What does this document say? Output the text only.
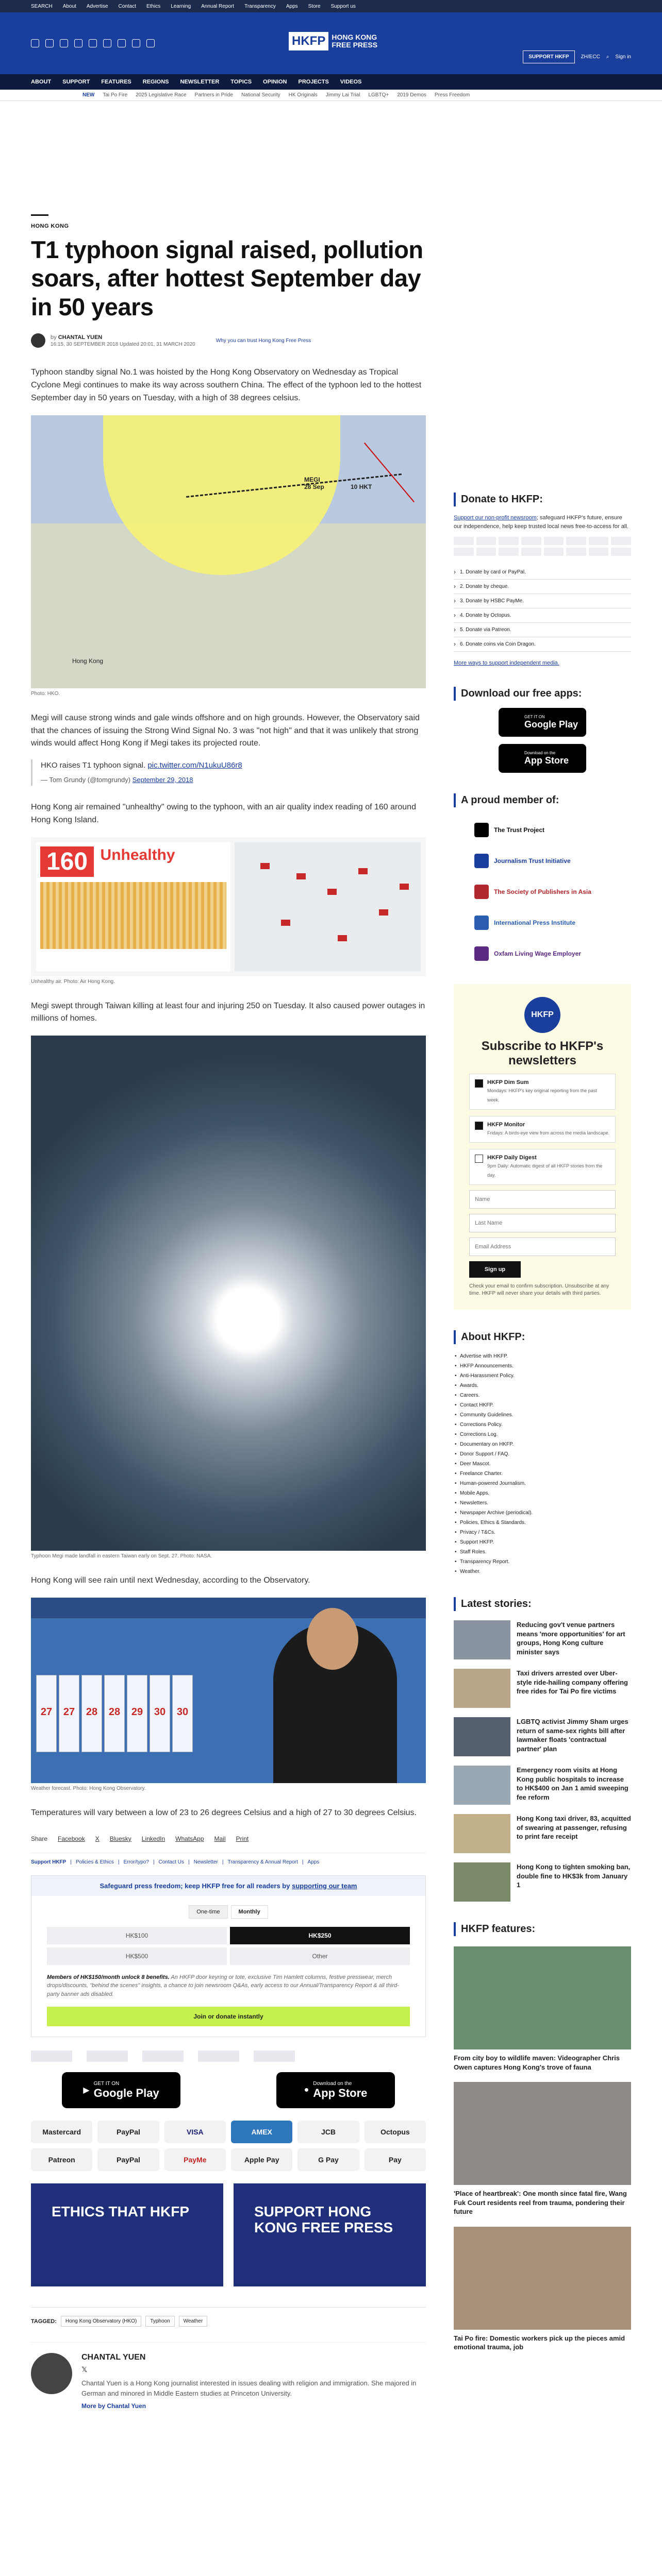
SEARCH About Advertise Contact Ethics Learning Annual Report Transparency Apps Store Support us
HKFP HONG KONG
FREE PRESS
SUPPORT HKFP	ZH/ECC ⌕ Sign in
ABOUT SUPPORT FEATURES REGIONS NEWSLETTER TOPICS OPINION PROJECTS VIDEOS
NEW Tai Po Fire 2025 Legislative Race Partners in Pride National Security HK Originals Jimmy Lai Trial LGBTQ+ 2019 Demos Press Freedom
HONG KONG
T1 typhoon signal raised, pollution soars, after hottest September day in 50 years
by CHANTAL YUEN
16:15, 30 SEPTEMBER 2018 Updated 20:01, 31 MARCH 2020
Why you can trust Hong Kong Free Press

Typhoon standby signal No.1 was hoisted by the Hong Kong Observatory on Wednesday as Tropical Cyclone Megi continues to make its way across southern China. The effect of the typhoon led to the hottest September day in 50 years on Tuesday, with a high of 38 degrees celsius.

MEGI
28 Sep	10 HKT
Hong Kong
Photo: HKO.

Megi will cause strong winds and gale winds offshore and on high grounds. However, the Observatory said that the chances of issuing the Strong Wind Signal No. 3 was "not high" and that it was unlikely that strong winds would affect Hong Kong if Megi takes its projected route.

HKO raises T1 typhoon signal. pic.twitter.com/N1ukuU86r8
— Tom Grundy (@tomgrundy) September 29, 2018

Hong Kong air remained "unhealthy" owing to the typhoon, with an air quality index reading of 160 around Hong Kong Island.

160 Unhealthy
Unhealthy air. Photo: Air Hong Kong.

Megi swept through Taiwan killing at least four and injuring 250 on Tuesday. It also caused power outages in millions of homes.

Typhoon Megi made landfall in eastern Taiwan early on Sept. 27. Photo: NASA.

Hong Kong will see rain until next Wednesday, according to the Observatory.

27	27	28	28	29	30	30
Weather forecast. Photo: Hong Kong Observatory.

Temperatures will vary between a low of 23 to 26 degrees Celsius and a high of 27 to 30 degrees Celsius.

Share Facebook X Bluesky LinkedIn WhatsApp Mail Print
Support HKFP | Policies & Ethics | Error/typo? | Contact Us | Newsletter | Transparency & Annual Report | Apps
Safeguard press freedom; keep HKFP free for all readers by supporting our team
One-time	Monthly
HK$100	HK$250
HK$500	Other
Members of HK$150/month unlock 8 benefits. An HKFP door keyring or tote, exclusive Tim Hamlett columns, festive presswear, merch drops/discounts, "behind the scenes" insights, a chance to join newsroom Q&As, early access to our Annual/Transparency Report & all third-party banner ads disabled.
Join or donate instantly
▶
GET IT ON
Google Play	●
Download on the
App Store
Mastercard	PayPal	VISA	AMEX	JCB	Octopus
Patreon	PayPal	PayMe	Apple Pay	G Pay	Pay
ETHICS THAT HKFP	SUPPORT HONG KONG FREE PRESS
TAGGED:	Hong Kong Observatory (HKO)	Typhoon	Weather
CHANTAL YUEN
𝕏

Chantal Yuen is a Hong Kong journalist interested in issues dealing with religion and immigration. She majored in German and minored in Middle Eastern studies at Princeton University.

More by Chantal Yuen
Donate to HKFP:
Support our non-profit newsroom; safeguard HKFP's future, ensure our independence, help keep trusted local news free-to-access for all.
› 1. Donate by card or PayPal.
› 2. Donate by cheque.
› 3. Donate by HSBC PayMe.
› 4. Donate by Octopus.
› 5. Donate via Patreon.
› 6. Donate coins via Coin Dragon.
More ways to support independent media.
Download our free apps:
GET IT ON
Google Play
Download on the
App Store
A proud member of:
The Trust Project
Journalism Trust Initiative
The Society of Publishers in Asia
International Press Institute
Oxfam Living Wage Employer
HKFP
Subscribe to HKFP's newsletters
HKFP Dim Sum
Mondays: HKFP's key original reporting from the past week.
HKFP Monitor
Fridays: A birds-eye view from across the media landscape.
HKFP Daily Digest
9pm Daily: Automatic digest of all HKFP stories from the day.
Name Last Name Email Address
Sign up
Check your email to confirm subscription. Unsubscribe at any time. HKFP will never share your details with third parties.
About HKFP:
• Advertise with HKFP.
• HKFP Announcements.
• Anti-Harassment Policy.
• Awards.
• Careers.
• Contact HKFP.
• Community Guidelines.
• Corrections Policy.
• Corrections Log.
• Documentary on HKFP.
• Donor Support / FAQ.
• Deer Mascot.
• Freelance Charter.
• Human-powered Journalism.
• Mobile Apps.
• Newsletters.
• Newspaper Archive (periodical).
• Policies, Ethics & Standards.
• Privacy / T&Cs.
• Support HKFP.
• Staff Roles.
• Transparency Report.
• Weather.
Latest stories:
Reducing gov't venue partners means 'more opportunities' for art groups, Hong Kong culture minister says
Taxi drivers arrested over Uber-style ride-hailing company offering free rides for Tai Po fire victims
LGBTQ activist Jimmy Sham urges return of same-sex rights bill after lawmaker floats 'contractual partner' plan
Emergency room visits at Hong Kong public hospitals to increase to HK$400 on Jan 1 amid sweeping fee reform
Hong Kong taxi driver, 83, acquitted of swearing at passenger, refusing to print fare receipt
Hong Kong to tighten smoking ban, double fine to HK$3k from January 1
HKFP features:
From city boy to wildlife maven: Videographer Chris Owen captures Hong Kong's trove of fauna
'Place of heartbreak': One month since fatal fire, Wang Fuk Court residents reel from trauma, pondering their future
Tai Po fire: Domestic workers pick up the pieces amid emotional trauma, job
